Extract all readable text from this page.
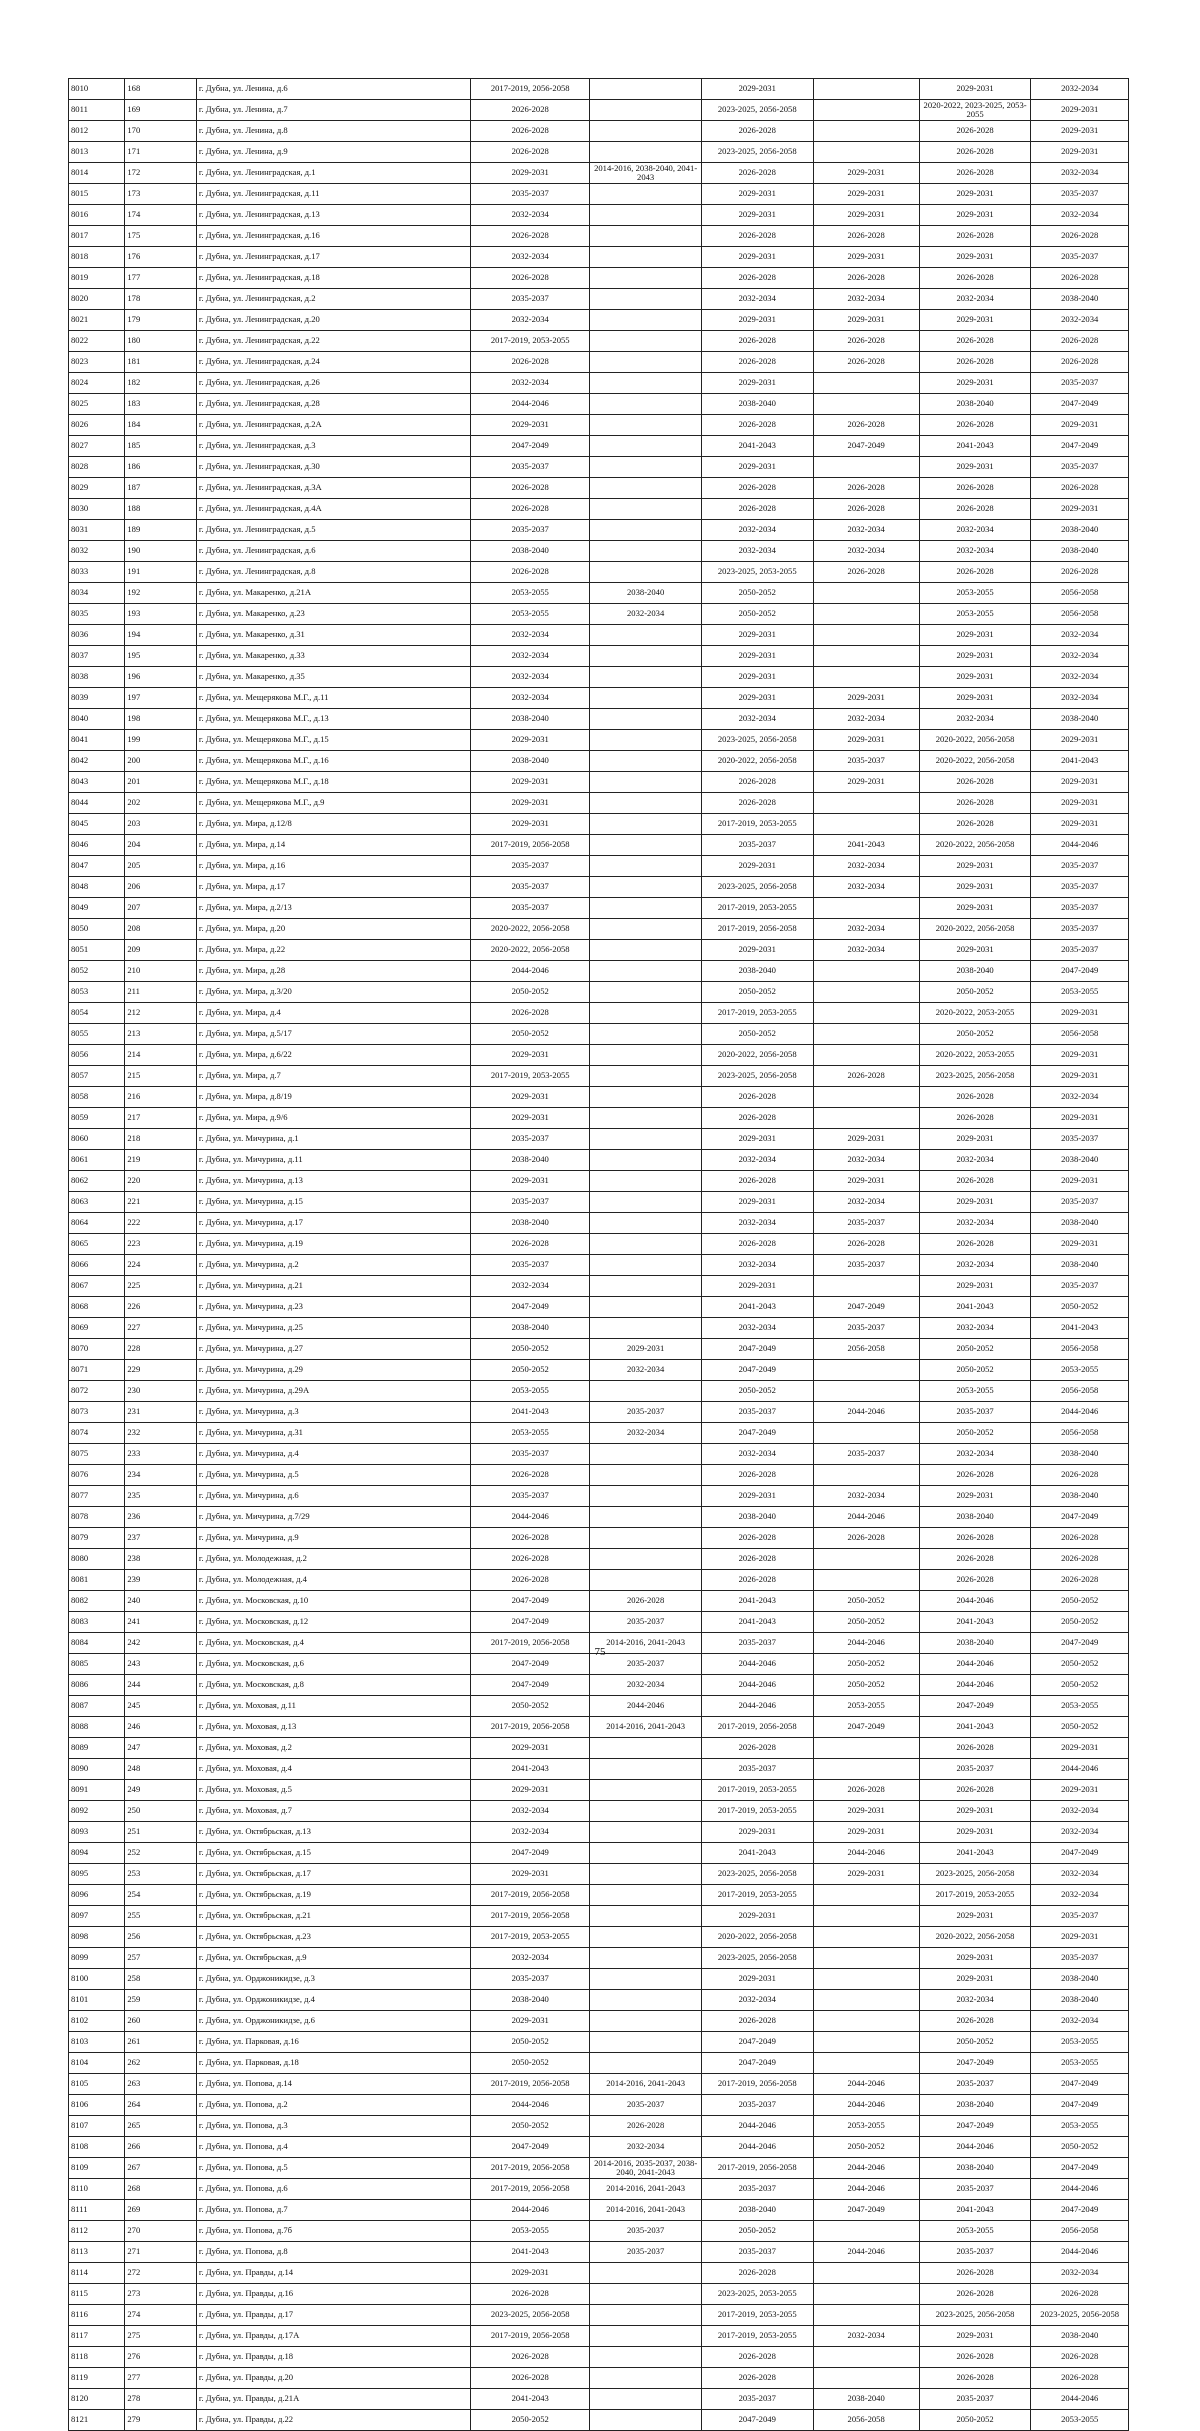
8010	168	г. Дубна, ул. Ленина, д.6	2017-2019, 2056-2058		2029-2031		2029-2031	2032-2034
8011	169	г. Дубна, ул. Ленина, д.7	2026-2028		2023-2025, 2056-2058		2020-2022, 2023-2025, 2053-2055	2029-2031
8012	170	г. Дубна, ул. Ленина, д.8	2026-2028		2026-2028		2026-2028	2029-2031
8013	171	г. Дубна, ул. Ленина, д.9	2026-2028		2023-2025, 2056-2058		2026-2028	2029-2031
8014	172	г. Дубна, ул. Ленинградская, д.1	2029-2031	2014-2016, 2038-2040, 2041-2043	2026-2028	2029-2031	2026-2028	2032-2034
8015	173	г. Дубна, ул. Ленинградская, д.11	2035-2037		2029-2031	2029-2031	2029-2031	2035-2037
8016	174	г. Дубна, ул. Ленинградская, д.13	2032-2034		2029-2031	2029-2031	2029-2031	2032-2034
8017	175	г. Дубна, ул. Ленинградская, д.16	2026-2028		2026-2028	2026-2028	2026-2028	2026-2028
8018	176	г. Дубна, ул. Ленинградская, д.17	2032-2034		2029-2031	2029-2031	2029-2031	2035-2037
8019	177	г. Дубна, ул. Ленинградская, д.18	2026-2028		2026-2028	2026-2028	2026-2028	2026-2028
8020	178	г. Дубна, ул. Ленинградская, д.2	2035-2037		2032-2034	2032-2034	2032-2034	2038-2040
8021	179	г. Дубна, ул. Ленинградская, д.20	2032-2034		2029-2031	2029-2031	2029-2031	2032-2034
8022	180	г. Дубна, ул. Ленинградская, д.22	2017-2019, 2053-2055		2026-2028	2026-2028	2026-2028	2026-2028
8023	181	г. Дубна, ул. Ленинградская, д.24	2026-2028		2026-2028	2026-2028	2026-2028	2026-2028
8024	182	г. Дубна, ул. Ленинградская, д.26	2032-2034		2029-2031		2029-2031	2035-2037
8025	183	г. Дубна, ул. Ленинградская, д.28	2044-2046		2038-2040		2038-2040	2047-2049
8026	184	г. Дубна, ул. Ленинградская, д.2А	2029-2031		2026-2028	2026-2028	2026-2028	2029-2031
8027	185	г. Дубна, ул. Ленинградская, д.3	2047-2049		2041-2043	2047-2049	2041-2043	2047-2049
8028	186	г. Дубна, ул. Ленинградская, д.30	2035-2037		2029-2031		2029-2031	2035-2037
8029	187	г. Дубна, ул. Ленинградская, д.3А	2026-2028		2026-2028	2026-2028	2026-2028	2026-2028
8030	188	г. Дубна, ул. Ленинградская, д.4А	2026-2028		2026-2028	2026-2028	2026-2028	2029-2031
8031	189	г. Дубна, ул. Ленинградская, д.5	2035-2037		2032-2034	2032-2034	2032-2034	2038-2040
8032	190	г. Дубна, ул. Ленинградская, д.6	2038-2040		2032-2034	2032-2034	2032-2034	2038-2040
8033	191	г. Дубна, ул. Ленинградская, д.8	2026-2028		2023-2025, 2053-2055	2026-2028	2026-2028	2026-2028
8034	192	г. Дубна, ул. Макаренко, д.21А	2053-2055	2038-2040	2050-2052		2053-2055	2056-2058
8035	193	г. Дубна, ул. Макаренко, д.23	2053-2055	2032-2034	2050-2052		2053-2055	2056-2058
8036	194	г. Дубна, ул. Макаренко, д.31	2032-2034		2029-2031		2029-2031	2032-2034
8037	195	г. Дубна, ул. Макаренко, д.33	2032-2034		2029-2031		2029-2031	2032-2034
8038	196	г. Дубна, ул. Макаренко, д.35	2032-2034		2029-2031		2029-2031	2032-2034
8039	197	г. Дубна, ул. Мещерякова М.Г., д.11	2032-2034		2029-2031	2029-2031	2029-2031	2032-2034
8040	198	г. Дубна, ул. Мещерякова М.Г., д.13	2038-2040		2032-2034	2032-2034	2032-2034	2038-2040
8041	199	г. Дубна, ул. Мещерякова М.Г., д.15	2029-2031		2023-2025, 2056-2058	2029-2031	2020-2022, 2056-2058	2029-2031
8042	200	г. Дубна, ул. Мещерякова М.Г., д.16	2038-2040		2020-2022, 2056-2058	2035-2037	2020-2022, 2056-2058	2041-2043
8043	201	г. Дубна, ул. Мещерякова М.Г., д.18	2029-2031		2026-2028	2029-2031	2026-2028	2029-2031
8044	202	г. Дубна, ул. Мещерякова М.Г., д.9	2029-2031		2026-2028		2026-2028	2029-2031
8045	203	г. Дубна, ул. Мира, д.12/8	2029-2031		2017-2019, 2053-2055		2026-2028	2029-2031
8046	204	г. Дубна, ул. Мира, д.14	2017-2019, 2056-2058		2035-2037	2041-2043	2020-2022, 2056-2058	2044-2046
8047	205	г. Дубна, ул. Мира, д.16	2035-2037		2029-2031	2032-2034	2029-2031	2035-2037
8048	206	г. Дубна, ул. Мира, д.17	2035-2037		2023-2025, 2056-2058	2032-2034	2029-2031	2035-2037
8049	207	г. Дубна, ул. Мира, д.2/13	2035-2037		2017-2019, 2053-2055		2029-2031	2035-2037
8050	208	г. Дубна, ул. Мира, д.20	2020-2022, 2056-2058		2017-2019, 2056-2058	2032-2034	2020-2022, 2056-2058	2035-2037
8051	209	г. Дубна, ул. Мира, д.22	2020-2022, 2056-2058		2029-2031	2032-2034	2029-2031	2035-2037
8052	210	г. Дубна, ул. Мира, д.28	2044-2046		2038-2040		2038-2040	2047-2049
8053	211	г. Дубна, ул. Мира, д.3/20	2050-2052		2050-2052		2050-2052	2053-2055
8054	212	г. Дубна, ул. Мира, д.4	2026-2028		2017-2019, 2053-2055		2020-2022, 2053-2055	2029-2031
8055	213	г. Дубна, ул. Мира, д.5/17	2050-2052		2050-2052		2050-2052	2056-2058
8056	214	г. Дубна, ул. Мира, д.6/22	2029-2031		2020-2022, 2056-2058		2020-2022, 2053-2055	2029-2031
8057	215	г. Дубна, ул. Мира, д.7	2017-2019, 2053-2055		2023-2025, 2056-2058	2026-2028	2023-2025, 2056-2058	2029-2031
8058	216	г. Дубна, ул. Мира, д.8/19	2029-2031		2026-2028		2026-2028	2032-2034
8059	217	г. Дубна, ул. Мира, д.9/6	2029-2031		2026-2028		2026-2028	2029-2031
8060	218	г. Дубна, ул. Мичурина, д.1	2035-2037		2029-2031	2029-2031	2029-2031	2035-2037
8061	219	г. Дубна, ул. Мичурина, д.11	2038-2040		2032-2034	2032-2034	2032-2034	2038-2040
8062	220	г. Дубна, ул. Мичурина, д.13	2029-2031		2026-2028	2029-2031	2026-2028	2029-2031
8063	221	г. Дубна, ул. Мичурина, д.15	2035-2037		2029-2031	2032-2034	2029-2031	2035-2037
8064	222	г. Дубна, ул. Мичурина, д.17	2038-2040		2032-2034	2035-2037	2032-2034	2038-2040
8065	223	г. Дубна, ул. Мичурина, д.19	2026-2028		2026-2028	2026-2028	2026-2028	2029-2031
8066	224	г. Дубна, ул. Мичурина, д.2	2035-2037		2032-2034	2035-2037	2032-2034	2038-2040
8067	225	г. Дубна, ул. Мичурина, д.21	2032-2034		2029-2031		2029-2031	2035-2037
8068	226	г. Дубна, ул. Мичурина, д.23	2047-2049		2041-2043	2047-2049	2041-2043	2050-2052
8069	227	г. Дубна, ул. Мичурина, д.25	2038-2040		2032-2034	2035-2037	2032-2034	2041-2043
8070	228	г. Дубна, ул. Мичурина, д.27	2050-2052	2029-2031	2047-2049	2056-2058	2050-2052	2056-2058
8071	229	г. Дубна, ул. Мичурина, д.29	2050-2052	2032-2034	2047-2049		2050-2052	2053-2055
8072	230	г. Дубна, ул. Мичурина, д.29А	2053-2055		2050-2052		2053-2055	2056-2058
8073	231	г. Дубна, ул. Мичурина, д.3	2041-2043	2035-2037	2035-2037	2044-2046	2035-2037	2044-2046
8074	232	г. Дубна, ул. Мичурина, д.31	2053-2055	2032-2034	2047-2049		2050-2052	2056-2058
8075	233	г. Дубна, ул. Мичурина, д.4	2035-2037		2032-2034	2035-2037	2032-2034	2038-2040
8076	234	г. Дубна, ул. Мичурина, д.5	2026-2028		2026-2028		2026-2028	2026-2028
8077	235	г. Дубна, ул. Мичурина, д.6	2035-2037		2029-2031	2032-2034	2029-2031	2038-2040
8078	236	г. Дубна, ул. Мичурина, д.7/29	2044-2046		2038-2040	2044-2046	2038-2040	2047-2049
8079	237	г. Дубна, ул. Мичурина, д.9	2026-2028		2026-2028	2026-2028	2026-2028	2026-2028
8080	238	г. Дубна, ул. Молодежная, д.2	2026-2028		2026-2028		2026-2028	2026-2028
8081	239	г. Дубна, ул. Молодежная, д.4	2026-2028		2026-2028		2026-2028	2026-2028
8082	240	г. Дубна, ул. Московская, д.10	2047-2049	2026-2028	2041-2043	2050-2052	2044-2046	2050-2052
8083	241	г. Дубна, ул. Московская, д.12	2047-2049	2035-2037	2041-2043	2050-2052	2041-2043	2050-2052
8084	242	г. Дубна, ул. Московская, д.4	2017-2019, 2056-2058	2014-2016, 2041-2043	2035-2037	2044-2046	2038-2040	2047-2049
8085	243	г. Дубна, ул. Московская, д.6	2047-2049	2035-2037	2044-2046	2050-2052	2044-2046	2050-2052
8086	244	г. Дубна, ул. Московская, д.8	2047-2049	2032-2034	2044-2046	2050-2052	2044-2046	2050-2052
8087	245	г. Дубна, ул. Моховая, д.11	2050-2052	2044-2046	2044-2046	2053-2055	2047-2049	2053-2055
8088	246	г. Дубна, ул. Моховая, д.13	2017-2019, 2056-2058	2014-2016, 2041-2043	2017-2019, 2056-2058	2047-2049	2041-2043	2050-2052
8089	247	г. Дубна, ул. Моховая, д.2	2029-2031		2026-2028		2026-2028	2029-2031
8090	248	г. Дубна, ул. Моховая, д.4	2041-2043		2035-2037		2035-2037	2044-2046
8091	249	г. Дубна, ул. Моховая, д.5	2029-2031		2017-2019, 2053-2055	2026-2028	2026-2028	2029-2031
8092	250	г. Дубна, ул. Моховая, д.7	2032-2034		2017-2019, 2053-2055	2029-2031	2029-2031	2032-2034
8093	251	г. Дубна, ул. Октябрьская, д.13	2032-2034		2029-2031	2029-2031	2029-2031	2032-2034
8094	252	г. Дубна, ул. Октябрьская, д.15	2047-2049		2041-2043	2044-2046	2041-2043	2047-2049
8095	253	г. Дубна, ул. Октябрьская, д.17	2029-2031		2023-2025, 2056-2058	2029-2031	2023-2025, 2056-2058	2032-2034
8096	254	г. Дубна, ул. Октябрьская, д.19	2017-2019, 2056-2058		2017-2019, 2053-2055		2017-2019, 2053-2055	2032-2034
8097	255	г. Дубна, ул. Октябрьская, д.21	2017-2019, 2056-2058		2029-2031		2029-2031	2035-2037
8098	256	г. Дубна, ул. Октябрьская, д.23	2017-2019, 2053-2055		2020-2022, 2056-2058		2020-2022, 2056-2058	2029-2031
8099	257	г. Дубна, ул. Октябрьская, д.9	2032-2034		2023-2025, 2056-2058		2029-2031	2035-2037
8100	258	г. Дубна, ул. Орджоникидзе, д.3	2035-2037		2029-2031		2029-2031	2038-2040
8101	259	г. Дубна, ул. Орджоникидзе, д.4	2038-2040		2032-2034		2032-2034	2038-2040
8102	260	г. Дубна, ул. Орджоникидзе, д.6	2029-2031		2026-2028		2026-2028	2032-2034
8103	261	г. Дубна, ул. Парковая, д.16	2050-2052		2047-2049		2050-2052	2053-2055
8104	262	г. Дубна, ул. Парковая, д.18	2050-2052		2047-2049		2047-2049	2053-2055
8105	263	г. Дубна, ул. Попова, д.14	2017-2019, 2056-2058	2014-2016, 2041-2043	2017-2019, 2056-2058	2044-2046	2035-2037	2047-2049
8106	264	г. Дубна, ул. Попова, д.2	2044-2046	2035-2037	2035-2037	2044-2046	2038-2040	2047-2049
8107	265	г. Дубна, ул. Попова, д.3	2050-2052	2026-2028	2044-2046	2053-2055	2047-2049	2053-2055
8108	266	г. Дубна, ул. Попова, д.4	2047-2049	2032-2034	2044-2046	2050-2052	2044-2046	2050-2052
8109	267	г. Дубна, ул. Попова, д.5	2017-2019, 2056-2058	2014-2016, 2035-2037, 2038-2040, 2041-2043	2017-2019, 2056-2058	2044-2046	2038-2040	2047-2049
8110	268	г. Дубна, ул. Попова, д.6	2017-2019, 2056-2058	2014-2016, 2041-2043	2035-2037	2044-2046	2035-2037	2044-2046
8111	269	г. Дубна, ул. Попова, д.7	2044-2046	2014-2016, 2041-2043	2038-2040	2047-2049	2041-2043	2047-2049
8112	270	г. Дубна, ул. Попова, д.7б	2053-2055	2035-2037	2050-2052		2053-2055	2056-2058
8113	271	г. Дубна, ул. Попова, д.8	2041-2043	2035-2037	2035-2037	2044-2046	2035-2037	2044-2046
8114	272	г. Дубна, ул. Правды, д.14	2029-2031		2026-2028		2026-2028	2032-2034
8115	273	г. Дубна, ул. Правды, д.16	2026-2028		2023-2025, 2053-2055		2026-2028	2026-2028
8116	274	г. Дубна, ул. Правды, д.17	2023-2025, 2056-2058		2017-2019, 2053-2055		2023-2025, 2056-2058	2023-2025, 2056-2058
8117	275	г. Дубна, ул. Правды, д.17А	2017-2019, 2056-2058		2017-2019, 2053-2055	2032-2034	2029-2031	2038-2040
8118	276	г. Дубна, ул. Правды, д.18	2026-2028		2026-2028		2026-2028	2026-2028
8119	277	г. Дубна, ул. Правды, д.20	2026-2028		2026-2028		2026-2028	2026-2028
8120	278	г. Дубна, ул. Правды, д.21А	2041-2043		2035-2037	2038-2040	2035-2037	2044-2046
8121	279	г. Дубна, ул. Правды, д.22	2050-2052		2047-2049	2056-2058	2050-2052	2053-2055
75
